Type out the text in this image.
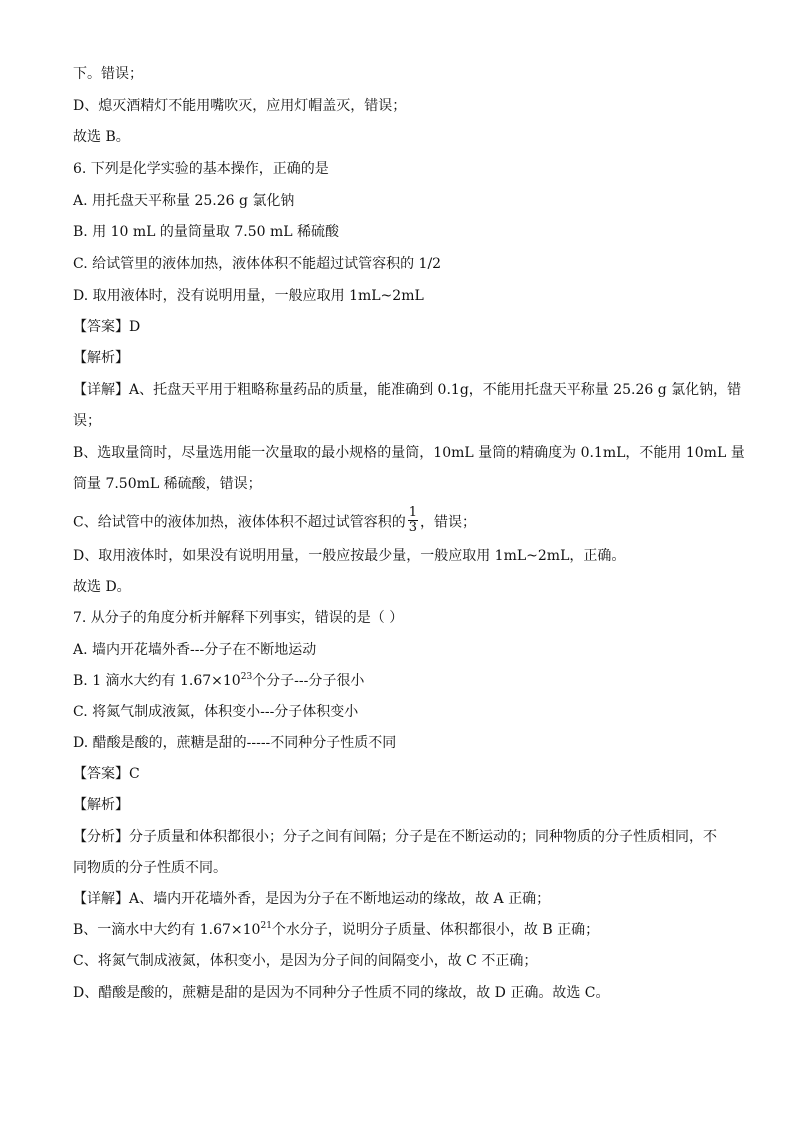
下。错误；
D、熄灭酒精灯不能用嘴吹灭，应用灯帽盖灭，错误；
故选 B。
6. 下列是化学实验的基本操作，正确的是
A. 用托盘天平称量 25.26 g 氯化钠
B. 用 10 mL 的量筒量取 7.50 mL 稀硫酸
C. 给试管里的液体加热，液体体积不能超过试管容积的 1/2
D. 取用液体时，没有说明用量，一般应取用 1mL~2mL
【答案】D
【解析】
【详解】A、托盘天平用于粗略称量药品的质量，能准确到 0.1g，不能用托盘天平称量 25.26 g 氯化钠，错
误；
B、选取量筒时，尽量选用能一次量取的最小规格的量筒，10mL 量筒的精确度为 0.1mL，不能用 10mL 量
筒量 7.50mL 稀硫酸，错误；
C、给试管中的液体加热，液体体积不超过试管容积的 $\frac{1}{3}$ ，错误；
D、取用液体时，如果没有说明用量，一般应按最少量，一般应取用 1mL~2mL，正确。
故选 D。
7. 从分子的角度分析并解释下列事实，错误的是（ ）
A. 墙内开花墙外香---分子在不断地运动
B. 1 滴水大约有 $1.67\times 10^{23}$个分子---分子很小
C. 将氮气制成液氮，体积变小---分子体积变小
D. 醋酸是酸的，蔗糖是甜的-----不同种分子性质不同
【答案】C
【解析】
【分析】分子质量和体积都很小；分子之间有间隔；分子是在不断运动的；同种物质的分子性质相同，不
同物质的分子性质不同。
【详解】A、墙内开花墙外香，是因为分子在不断地运动的缘故，故 A 正确；
B、一滴水中大约有 $1.67\times 10^{21}$个水分子，说明分子质量、体积都很小，故 B 正确；
C、将氮气制成液氮，体积变小，是因为分子间的间隔变小，故 C 不正确；
D、醋酸是酸的，蔗糖是甜的是因为不同种分子性质不同的缘故，故 D 正确。故选 C。
